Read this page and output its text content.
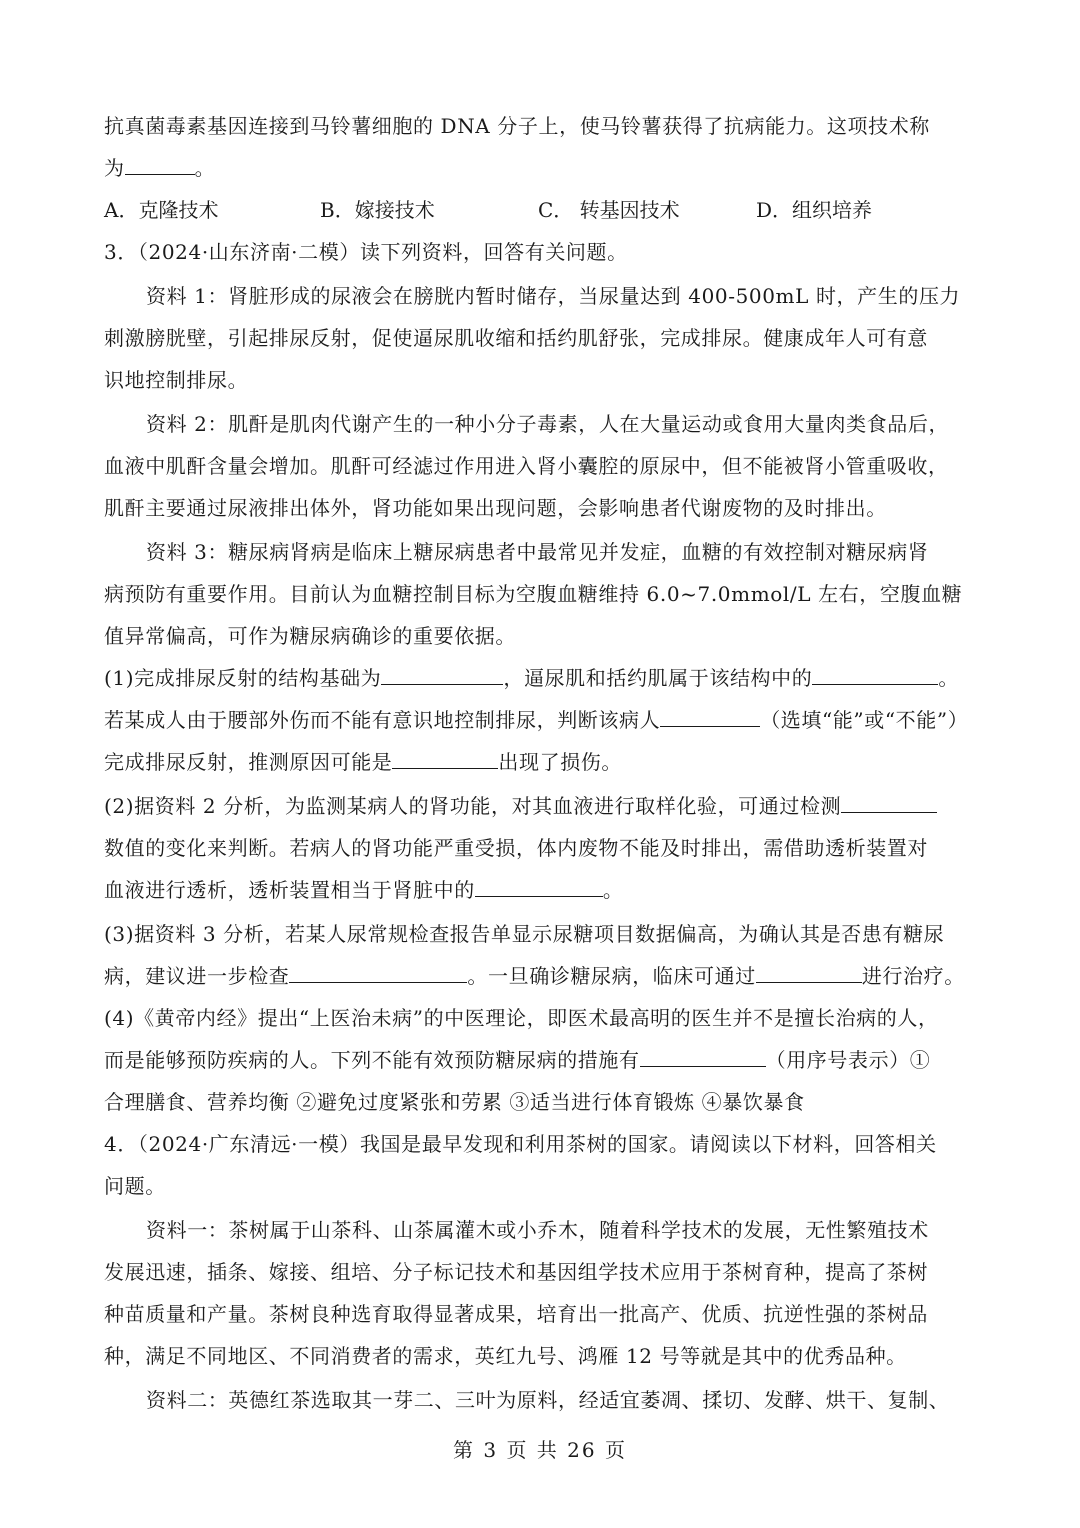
抗真菌毒素基因连接到马铃薯细胞的 DNA 分子上，使马铃薯获得了抗病能力。这项技术称
为	。
A．克隆技术	B．嫁接技术	C． 转基因技术	D．组织培养
3．（2024·山东济南·二模）读下列资料，回答有关问题。
资料 1：肾脏形成的尿液会在膀胱内暂时储存，当尿量达到 400-500mL 时，产生的压力
刺激膀胱壁，引起排尿反射，促使逼尿肌收缩和括约肌舒张，完成排尿。健康成年人可有意
识地控制排尿。
资料 2：肌酐是肌肉代谢产生的一种小分子毒素，人在大量运动或食用大量肉类食品后，
血液中肌酐含量会增加。肌酐可经滤过作用进入肾小囊腔的原尿中，但不能被肾小管重吸收，
肌酐主要通过尿液排出体外，肾功能如果出现问题，会影响患者代谢废物的及时排出。
资料 3：糖尿病肾病是临床上糖尿病患者中最常见并发症，血糖的有效控制对糖尿病肾
病预防有重要作用。目前认为血糖控制目标为空腹血糖维持 6.0~7.0mmol/L 左右，空腹血糖
值异常偏高，可作为糖尿病确诊的重要依据。
(1)完成排尿反射的结构基础为	，逼尿肌和括约肌属于该结构中的	。
若某成人由于腰部外伤而不能有意识地控制排尿，判断该病人	（选填“能”或“不能”）
完成排尿反射，推测原因可能是	出现了损伤。
(2)据资料 2 分析，为监测某病人的肾功能，对其血液进行取样化验，可通过检测
数值的变化来判断。若病人的肾功能严重受损，体内废物不能及时排出，需借助透析装置对
血液进行透析，透析装置相当于肾脏中的	。
(3)据资料 3 分析，若某人尿常规检查报告单显示尿糖项目数据偏高，为确认其是否患有糖尿
病，建议进一步检查	。一旦确诊糖尿病，临床可通过	进行治疗。
(4)《黄帝内经》提出“上医治未病”的中医理论，即医术最高明的医生并不是擅长治病的人，
而是能够预防疾病的人。下列不能有效预防糖尿病的措施有	（用序号表示）①
合理膳食、营养均衡 ②避免过度紧张和劳累 ③适当进行体育锻炼 ④暴饮暴食
4．（2024·广东清远·一模）我国是最早发现和利用茶树的国家。请阅读以下材料，回答相关
问题。
资料一：茶树属于山茶科、山茶属灌木或小乔木，随着科学技术的发展，无性繁殖技术
发展迅速，插条、嫁接、组培、分子标记技术和基因组学技术应用于茶树育种，提高了茶树
种苗质量和产量。茶树良种选育取得显著成果，培育出一批高产、优质、抗逆性强的茶树品
种，满足不同地区、不同消费者的需求，英红九号、鸿雁 12 号等就是其中的优秀品种。
资料二：英德红茶选取其一芽二、三叶为原料，经适宜萎凋、揉切、发酵、烘干、复制、
第 3 页 共 26 页
